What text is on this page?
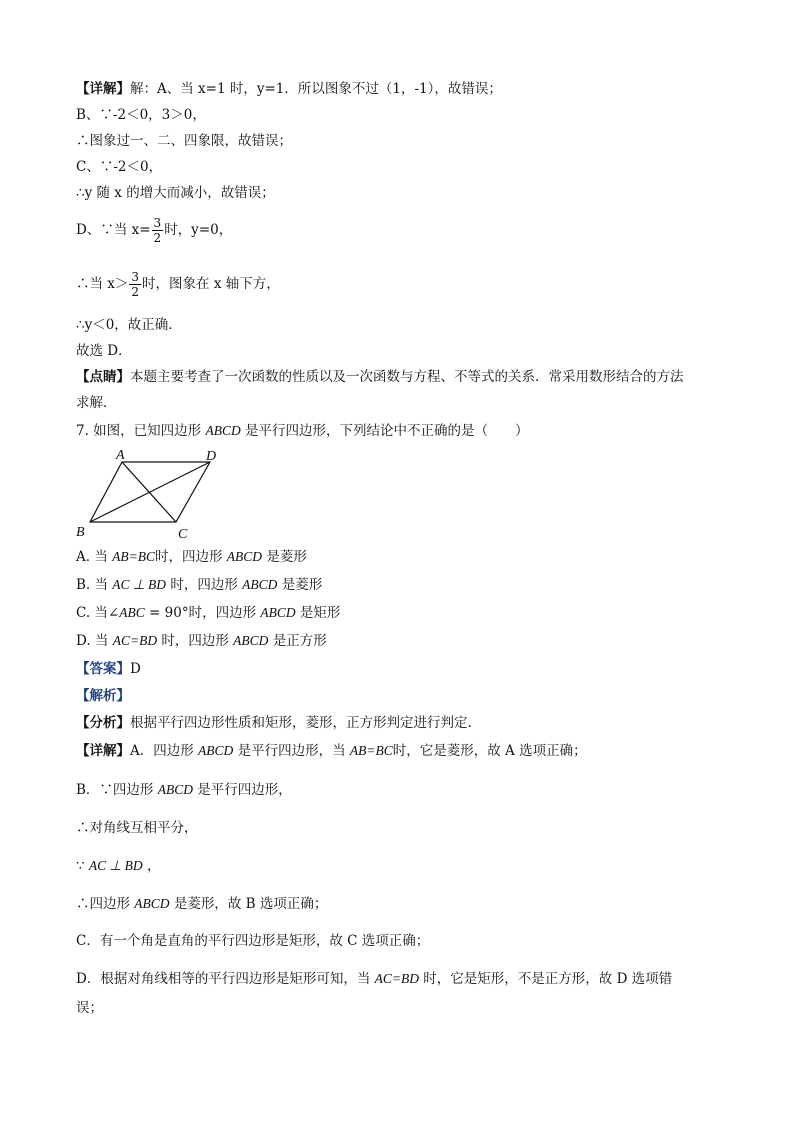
【详解】解：A、当 x=1 时，y=1．所以图象不过（1，-1），故错误；
B、∵-2＜0，3＞0，
∴图象过一、二、四象限，故错误；
C、∵-2＜0，
∴y 随 x 的增大而减小，故错误；
D、∵当 $x= \frac{3}{2}$ 时，y=0，
∴当 $x> \frac{3}{2}$ 时，图象在 x 轴下方，
∴y＜0，故正确．
故选 D．
【点睛】本题主要考查了一次函数的性质以及一次函数与方程、不等式的关系．常采用数形结合的方法
求解．
7. 如图，已知四边形 ABCD 是平行四边形，下列结论中不正确的是（　　）
A	D
B	C
A. 当 AB=BC时，四边形 ABCD 是菱形
B. 当 AC ⊥ BD 时，四边形 ABCD 是菱形
C. 当∠ABC = 90°时，四边形 ABCD 是矩形
D. 当 AC=BD 时，四边形 ABCD 是正方形
【答案】D
【解析】
【分析】根据平行四边形性质和矩形，菱形，正方形判定进行判定.
【详解】A．四边形 ABCD 是平行四边形，当 AB=BC时，它是菱形，故 A 选项正确；
B．∵四边形 ABCD 是平行四边形，
∴对角线互相平分，
∵ AC ⊥ BD ，
∴四边形 ABCD 是菱形，故 B 选项正确；
C．有一个角是直角的平行四边形是矩形，故 C 选项正确；
D．根据对角线相等的平行四边形是矩形可知，当 AC=BD 时，它是矩形，不是正方形，故 D 选项错
误；
